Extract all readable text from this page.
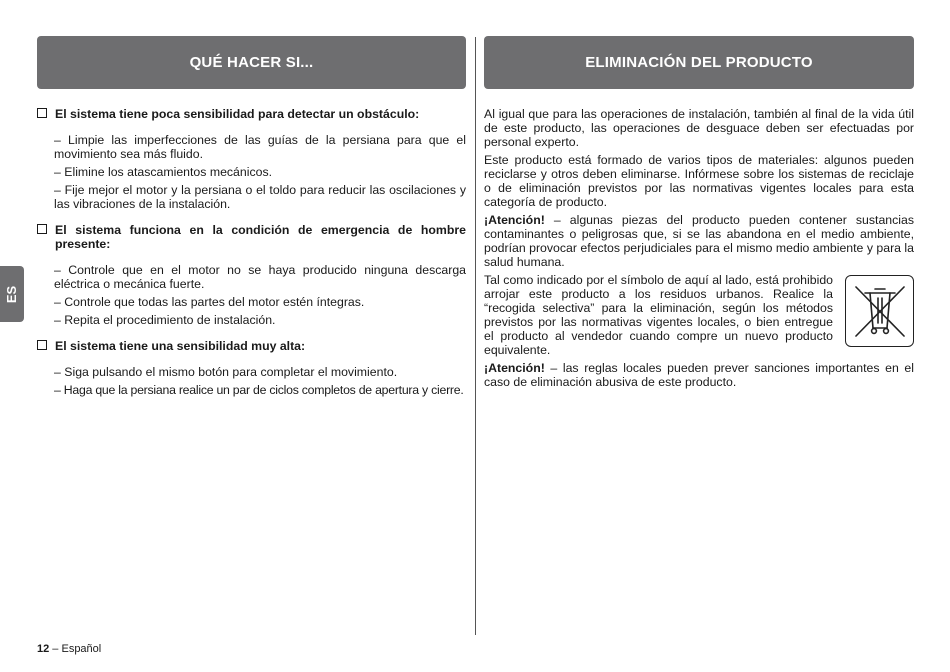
QUÉ HACER SI...	ELIMINACIÓN DEL PRODUCTO
ES
El sistema tiene poca sensibilidad para detectar un obstáculo:
– Limpie las imperfecciones de las guías de la persiana para que el movimiento sea más fluido.
– Elimine los atascamientos mecánicos.
– Fije mejor el motor y la persiana o el toldo para reducir las oscilaciones y las vibraciones de la instalación.
El sistema funciona en la condición de emergencia de hombre presente:
– Controle que en el motor no se haya producido ninguna descarga eléctrica o mecánica fuerte.
– Controle que todas las partes del motor estén íntegras.
– Repita el procedimiento de instalación.
El sistema tiene una sensibilidad muy alta:
– Siga pulsando el mismo botón para completar el movimiento.
– Haga que la persiana realice un par de ciclos completos de apertura y cierre.
Al igual que para las operaciones de instalación, también al final de la vida útil de este producto, las operaciones de desguace deben ser efectuadas por personal experto.
Este producto está formado de varios tipos de materiales: algunos pueden reciclarse y otros deben eliminarse. Infórmese sobre los sistemas de reciclaje o de eliminación previstos por las normativas vigentes locales para esta categoría de producto.
¡Atención! – algunas piezas del producto pueden contener sustancias contaminantes o peligrosas que, si se las abandona en el medio ambiente, podrían provocar efectos perjudiciales para el mismo medio ambiente y para la salud humana.
Tal como indicado por el símbolo de aquí al lado, está prohibido arrojar este producto a los residuos urbanos. Realice la “recogida selectiva” para la eliminación, según los métodos previstos por las normativas vigentes locales, o bien entregue el producto al vendedor cuando compre un nuevo producto equivalente.
¡Atención! – las reglas locales pueden prever sanciones importantes en el caso de eliminación abusiva de este producto.
12 – Español
